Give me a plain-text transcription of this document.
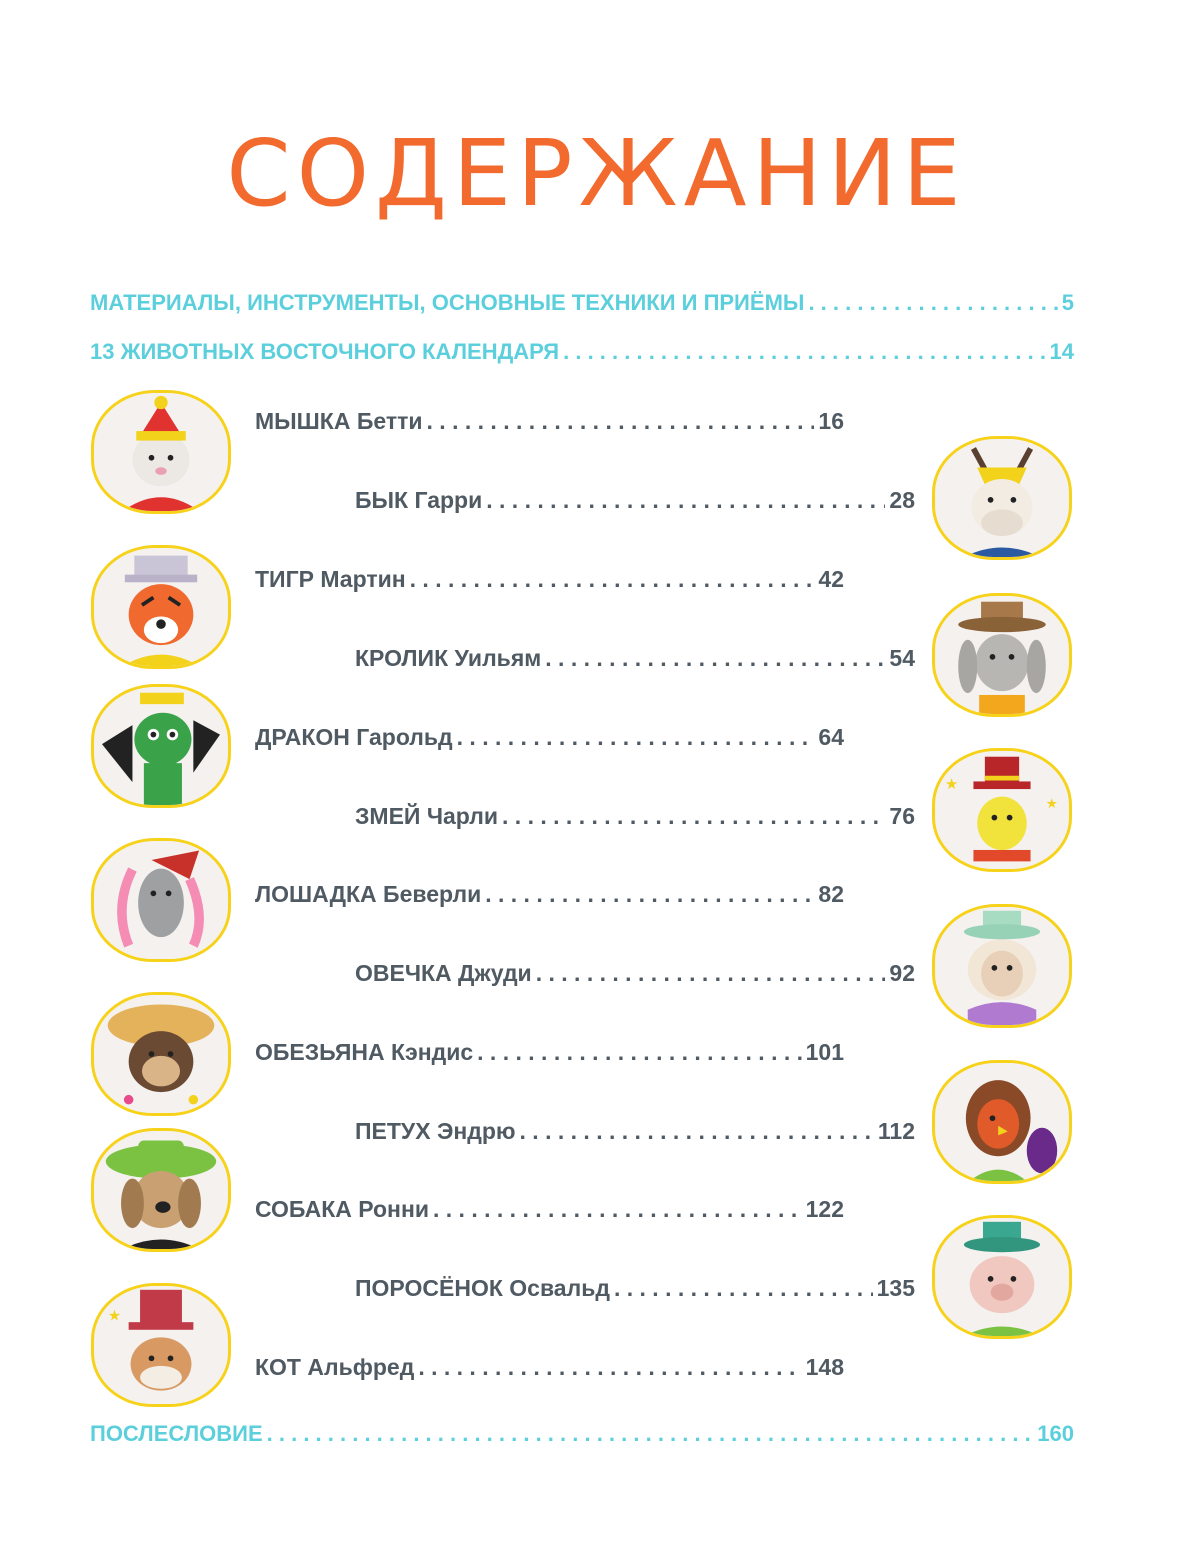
СОДЕРЖАНИЕ
МАТЕРИАЛЫ, ИНСТРУМЕНТЫ, ОСНОВНЫЕ ТЕХНИКИ И ПРИЁМЫ . . .	5
13 ЖИВОТНЫХ ВОСТОЧНОГО КАЛЕНДАРЯ . . .	14
МЫШКА Бетти . . .	16
БЫК Гарри . . .	28
ТИГР Мартин . . .	42
КРОЛИК Уильям . . .	54
ДРАКОН Гарольд . . .	64
ЗМЕЙ Чарли . . .	76
ЛОШАДКА Беверли . . .	82
ОВЕЧКА Джуди . . .	92
ОБЕЗЬЯНА Кэндис . . .	101
ПЕТУХ Эндрю . . .	112
СОБАКА Ронни . . .	122
ПОРОСЁНОК Освальд . . .	135
КОТ Альфред . . .	148
ПОСЛЕСЛОВИЕ . . .	160
★
★
★
